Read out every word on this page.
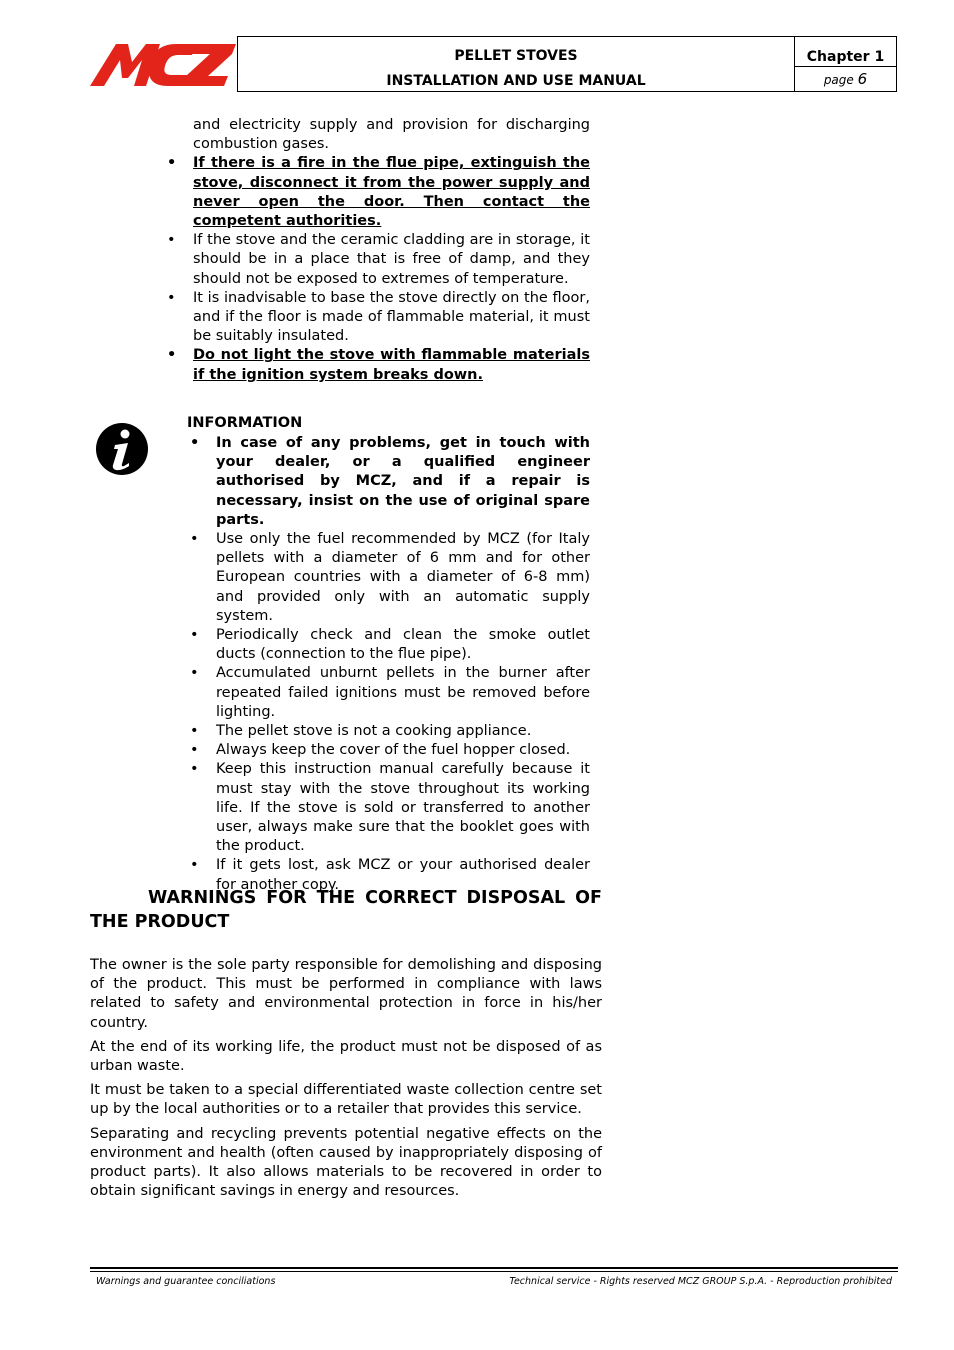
PELLET STOVES
INSTALLATION AND USE MANUAL
Chapter 1
page 6
and electricity supply and provision for discharging combustion gases.
• If there is a fire in the flue pipe, extinguish the stove, disconnect it from the power supply and never open the door. Then contact the competent authorities.
• If the stove and the ceramic cladding are in storage, it should be in a place that is free of damp, and they should not be exposed to extremes of temperature.
• It is inadvisable to base the stove directly on the floor, and if the floor is made of flammable material, it must be suitably insulated.
• Do not light the stove with flammable materials if the ignition system breaks down.
INFORMATION
• In case of any problems, get in touch with your dealer, or a qualified engineer authorised by MCZ, and if a repair is necessary, insist on the use of original spare parts.
• Use only the fuel recommended by MCZ (for Italy pellets with a diameter of 6 mm and for other European countries with a diameter of 6-8 mm) and provided only with an automatic supply system.
• Periodically check and clean the smoke outlet ducts (connection to the flue pipe).
• Accumulated unburnt pellets in the burner after repeated failed ignitions must be removed before lighting.
• The pellet stove is not a cooking appliance.
• Always keep the cover of the fuel hopper closed.
• Keep this instruction manual carefully because it must stay with the stove throughout its working life. If the stove is sold or transferred to another user, always make sure that the booklet goes with the product.
• If it gets lost, ask MCZ or your authorised dealer for another copy.
WARNINGS FOR THE CORRECT DISPOSAL OF THE PRODUCT

The owner is the sole party responsible for demolishing and disposing of the product. This must be performed in compliance with laws related to safety and environmental protection in force in his/her country.

At the end of its working life, the product must not be disposed of as urban waste.

It must be taken to a special differentiated waste collection centre set up by the local authorities or to a retailer that provides this service.

Separating and recycling prevents potential negative effects on the environment and health (often caused by inappropriately disposing of product parts). It also allows materials to be recovered in order to obtain significant savings in energy and resources.

Warnings and guarantee conciliations	Technical service - Rights reserved MCZ GROUP S.p.A. - Reproduction prohibited
